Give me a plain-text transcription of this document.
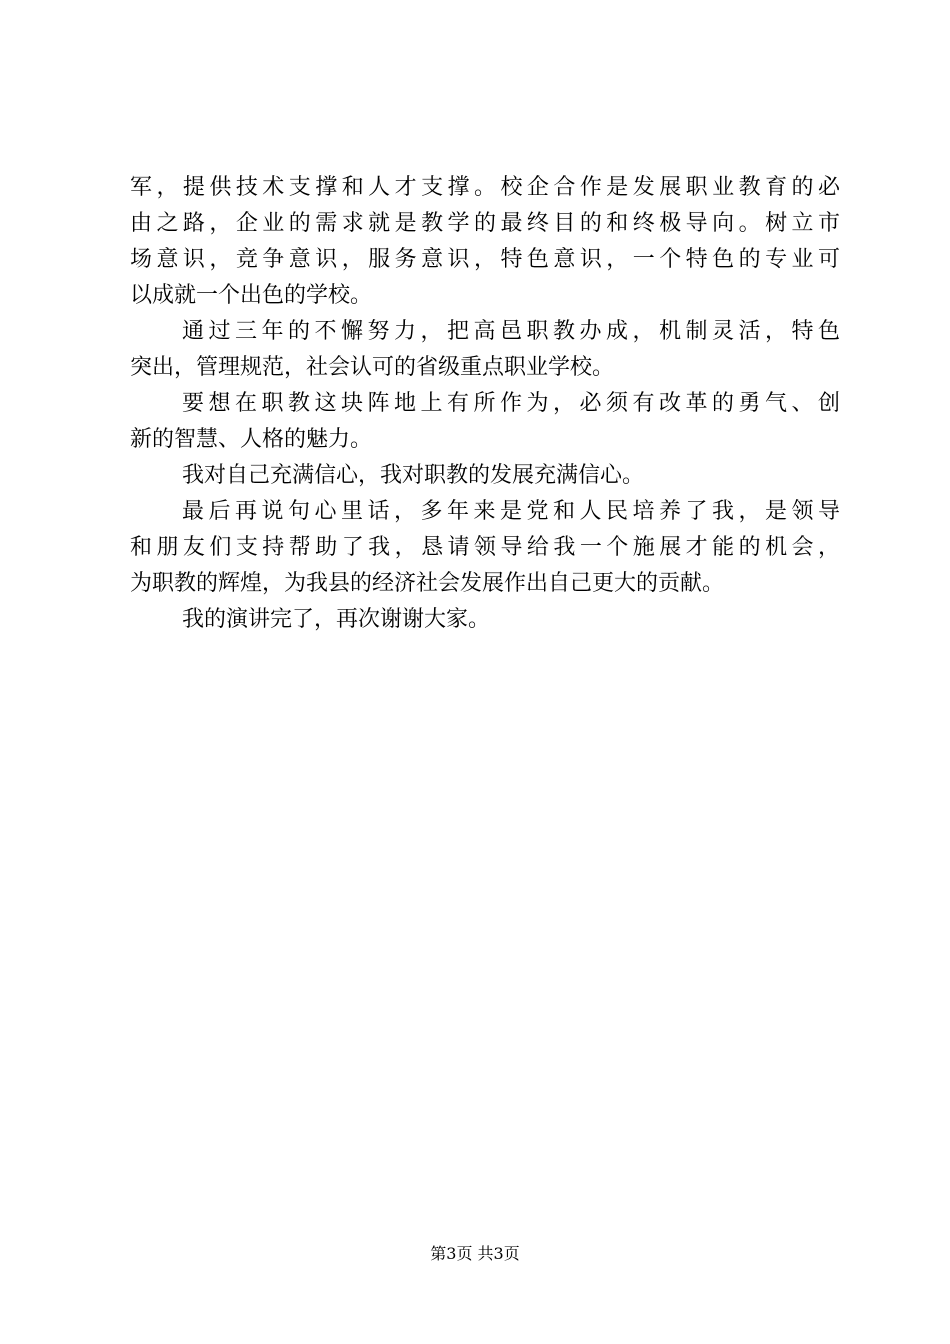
军，提供技术支撑和人才支撑。校企合作是发展职业教育的必
由之路，企业的需求就是教学的最终目的和终极导向。树立市
场意识，竞争意识，服务意识，特色意识，一个特色的专业可
以成就一个出色的学校。
通过三年的不懈努力，把高邑职教办成，机制灵活，特色
突出，管理规范，社会认可的省级重点职业学校。
要想在职教这块阵地上有所作为，必须有改革的勇气、创
新的智慧、人格的魅力。
我对自己充满信心，我对职教的发展充满信心。
最后再说句心里话，多年来是党和人民培养了我，是领导
和朋友们支持帮助了我，恳请领导给我一个施展才能的机会，
为职教的辉煌，为我县的经济社会发展作出自己更大的贡献。
我的演讲完了，再次谢谢大家。
第3页 共3页
